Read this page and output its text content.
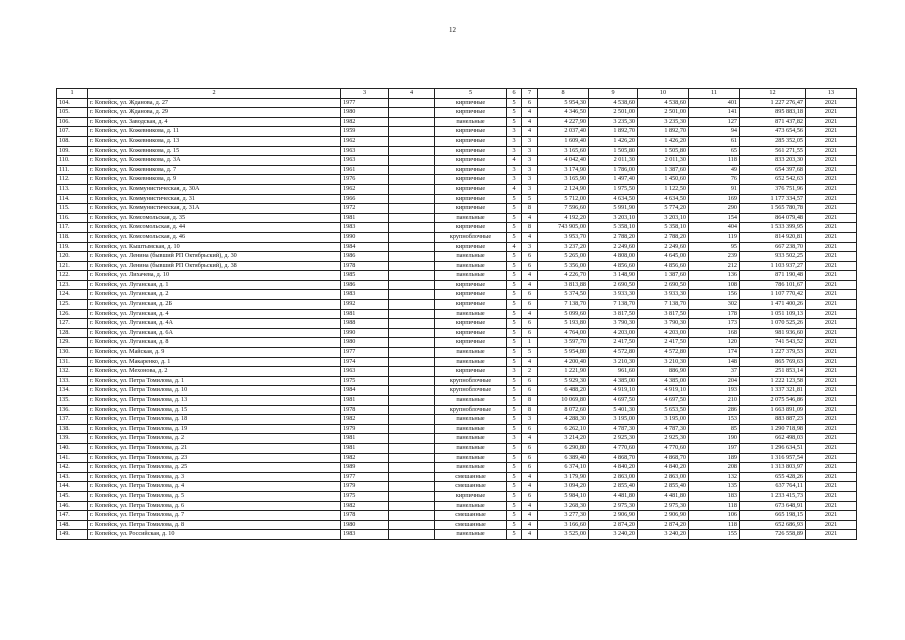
12
1	2	3	4	5	6	7	8	9	10	11	12	13
104.	г. Копейск, ул. Жданова, д. 27	1977		кирпичные	5	6	5 954,30	4 538,60	4 538,60	401	1 227 276,47	2021
105.	г. Копейск, ул. Жданова, д. 29	1980		кирпичные	5	4	4 346,50	2 501,00	2 501,00	141	895 883,18	2021
106.	г. Копейск, ул. Заводская, д. 4	1982		панельные	5	4	4 227,90	3 235,30	3 235,30	127	871 437,82	2021
107.	г. Копейск, ул. Кожевникова, д. 11	1959		кирпичные	3	4	2 037,40	1 892,70	1 892,70	94	473 654,56	2021
108.	г. Копейск, ул. Кожевникова, д. 13	1962		кирпичные	3	3	1 609,40	1 426,20	1 426,20	61	285 352,05	2021
109.	г. Копейск, ул. Кожевникова, д. 15	1963		кирпичные	3	3	3 165,60	1 505,80	1 505,80	65	561 271,55	2021
110.	г. Копейск, ул. Кожевникова, д. 3А	1963		кирпичные	4	3	4 042,40	2 011,30	2 011,30	118	833 203,30	2021
111.	г. Копейск, ул. Кожевникова, д. 7	1961		кирпичные	3	3	3 174,90	1 786,00	1 387,60	49	654 397,68	2021
112.	г. Копейск, ул. Кожевникова, д. 9	1976		кирпичные	3	3	3 165,90	1 497,40	1 450,60	76	652 542,63	2021
113.	г. Копейск, ул. Коммунистическая, д. 30А	1962		кирпичные	4	3	2 124,90	1 975,50	1 122,50	91	376 751,96	2021
114.	г. Копейск, ул. Коммунистическая, д. 31	1966		кирпичные	5	5	5 712,00	4 634,50	4 634,50	169	1 177 334,57	2021
115.	г. Копейск, ул. Коммунистическая, д. 31А	1972		кирпичные	5	8	7 596,60	5 991,90	5 774,20	290	1 565 780,78	2021
116.	г. Копейск, ул. Комсомольская, д. 35	1981		панельные	5	4	4 192,20	3 203,10	3 203,10	154	864 079,48	2021
117.	г. Копейск, ул. Комсомольская, д. 44	1983		кирпичные	5	8	743 905,00	5 358,10	5 358,10	404	1 533 399,95	2021
118.	г. Копейск, ул. Комсомольская, д. 46	1990		крупноблочные	5	4	3 953,70	2 788,20	2 788,20	119	814 920,81	2021
119.	г. Копейск, ул. Кыштымская, д. 10	1984		кирпичные	4	3	3 237,20	2 249,60	2 249,60	95	667 238,70	2021
120.	г. Копейск, ул. Ленина (бывший РП Октябрьский), д. 30	1986		панельные	5	6	5 265,00	4 808,00	4 645,00	239	933 502,25	2021
121.	г. Копейск, ул. Ленина (бывший РП Октябрьский), д. 38	1978		панельные	5	6	5 356,00	4 856,60	4 856,60	212	1 103 937,27	2021
122.	г. Копейск, ул. Лихачева, д. 10	1985		панельные	5	4	4 226,70	3 148,90	1 387,60	136	871 190,48	2021
123.	г. Копейск, ул. Луганская, д. 1	1986		кирпичные	5	4	3 813,88	2 690,50	2 690,50	108	786 101,67	2021
124.	г. Копейск, ул. Луганская, д. 2	1983		кирпичные	5	6	5 374,50	3 933,30	3 933,30	156	1 107 770,42	2021
125.	г. Копейск, ул. Луганская, д. 2Б	1992		кирпичные	5	6	7 138,70	7 138,70	7 138,70	302	1 471 400,26	2021
126.	г. Копейск, ул. Луганская, д. 4	1981		панельные	5	4	5 099,60	3 817,50	3 817,50	178	1 051 109,13	2021
127.	г. Копейск, ул. Луганская, д. 4А	1988		кирпичные	5	6	5 193,80	3 790,30	3 790,30	173	1 070 525,26	2021
128.	г. Копейск, ул. Луганская, д. 6А	1990		кирпичные	5	6	4 764,00	4 203,00	4 203,00	168	981 936,60	2021
129.	г. Копейск, ул. Луганская, д. 8	1980		кирпичные	5	1	3 597,70	2 417,50	2 417,50	120	741 543,52	2021
130.	г. Копейск, ул. Майская, д. 9	1977		панельные	5	5	5 954,80	4 572,80	4 572,80	174	1 227 379,53	2021
131.	г. Копейск, ул. Макаренко, д. 1	1974		панельные	5	4	4 200,40	3 210,30	3 210,30	148	865 769,63	2021
132.	г. Копейск, ул. Мехонова, д. 2	1963		кирпичные	3	2	1 221,90	961,60	886,90	37	251 853,14	2021
133.	г. Копейск, ул. Петра Томилова, д. 1	1975		крупноблочные	5	6	5 929,30	4 385,00	4 385,00	204	1 222 123,58	2021
134.	г. Копейск, ул. Петра Томилова, д. 10	1984		крупноблочные	5	6	6 488,20	4 919,10	4 919,10	193	1 337 321,81	2021
135.	г. Копейск, ул. Петра Томилова, д. 13	1981		панельные	5	8	10 069,80	4 697,50	4 697,50	210	2 075 546,86	2021
136.	г. Копейск, ул. Петра Томилова, д. 15	1978		крупноблочные	5	8	8 072,60	5 401,30	5 653,50	286	1 663 891,09	2021
137.	г. Копейск, ул. Петра Томилова, д. 18	1982		панельные	5	3	4 288,30	3 195,00	3 195,00	153	883 887,23	2021
138.	г. Копейск, ул. Петра Томилова, д. 19	1979		панельные	5	6	6 262,10	4 787,30	4 787,30	85	1 290 718,98	2021
139.	г. Копейск, ул. Петра Томилова, д. 2	1981		панельные	3	4	3 214,20	2 925,30	2 925,30	190	662 498,03	2021
140.	г. Копейск, ул. Петра Томилова, д. 21	1981		панельные	5	6	6 290,80	4 770,60	4 770,60	197	1 296 634,51	2021
141.	г. Копейск, ул. Петра Томилова, д. 23	1982		панельные	5	6	6 389,40	4 868,70	4 868,70	189	1 316 957,54	2021
142.	г. Копейск, ул. Петра Томилова, д. 25	1989		панельные	5	6	6 374,10	4 840,20	4 840,20	208	1 313 803,97	2021
143.	г. Копейск, ул. Петра Томилова, д. 3	1977		смешанные	5	4	3 179,90	2 863,00	2 863,00	132	655 428,26	2021
144.	г. Копейск, ул. Петра Томилова, д. 4	1979		смешанные	5	4	3 094,20	2 855,40	2 855,40	135	637 764,11	2021
145.	г. Копейск, ул. Петра Томилова, д. 5	1975		кирпичные	5	6	5 984,10	4 481,80	4 481,80	183	1 233 415,73	2021
146.	г. Копейск, ул. Петра Томилова, д. 6	1982		панельные	5	4	3 268,30	2 975,30	2 975,30	118	673 648,91	2021
147.	г. Копейск, ул. Петра Томилова, д. 7	1978		смешанные	5	4	3 277,30	2 906,90	2 906,90	106	665 198,15	2021
148.	г. Копейск, ул. Петра Томилова, д. 8	1980		смешанные	5	4	3 166,60	2 874,20	2 874,20	118	652 686,93	2021
149.	г. Копейск, ул. Российская, д. 10	1983		панельные	5	4	3 525,00	3 240,20	3 240,20	155	726 558,89	2021
